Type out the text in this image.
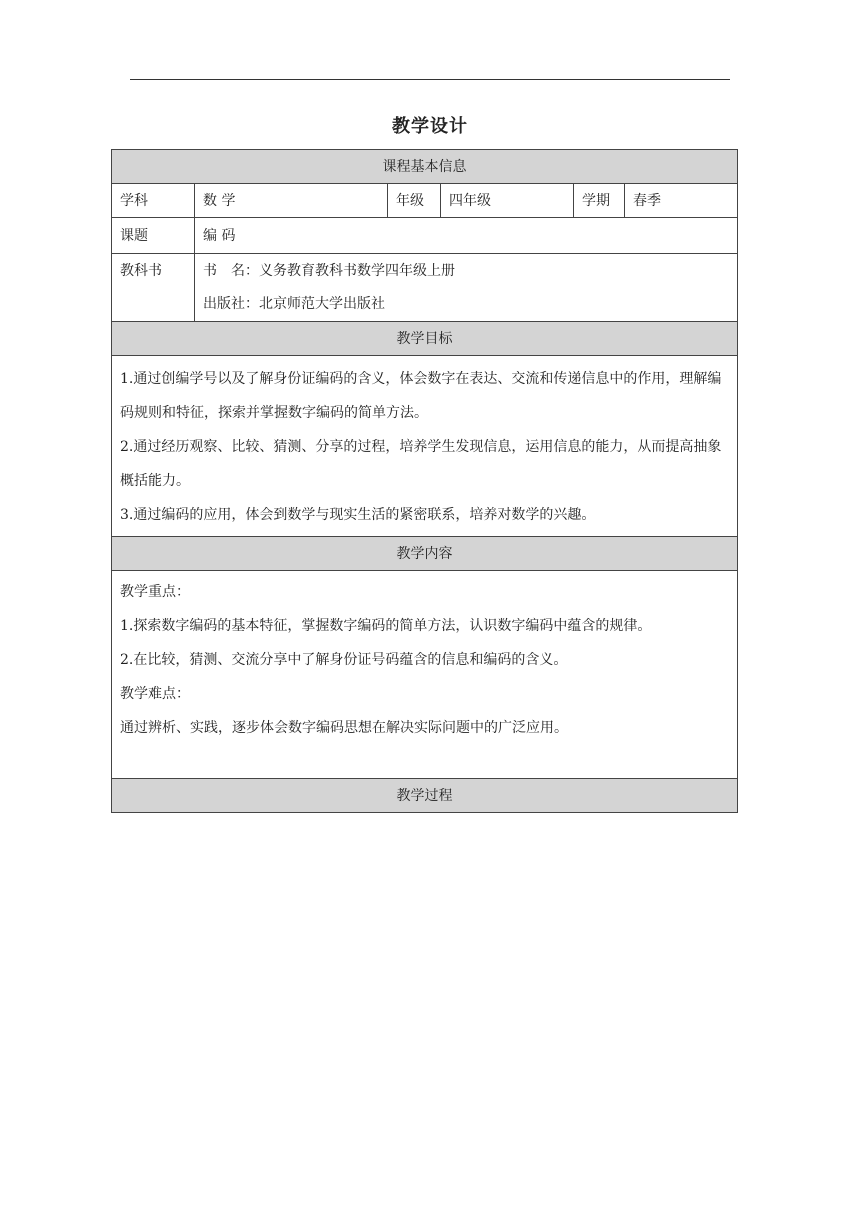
教学设计
课程基本信息					
学科	数 学	年级	四年级	学期	春季
课题	编 码				
教科书	书　名：义务教育教科书数学四年级上册
出版社：北京师范大学出版社				

教学目标					

1.通过创编学号以及了解身份证编码的含义，体会数字在表达、交流和传递信息中的作用，理解编码规则和特征，探索并掌握数字编码的简单方法。

2.通过经历观察、比较、猜测、分享的过程，培养学生发现信息，运用信息的能力，从而提高抽象概括能力。

3.通过编码的应用，体会到数学与现实生活的紧密联系，培养对数学的兴趣。					

教学内容					

教学重点：
1.探索数字编码的基本特征，掌握数字编码的简单方法，认识数字编码中蕴含的规律。
2.在比较，猜测、交流分享中了解身份证号码蕴含的信息和编码的含义。
教学难点：
通过辨析、实践，逐步体会数字编码思想在解决实际问题中的广泛应用。					

教学过程					
